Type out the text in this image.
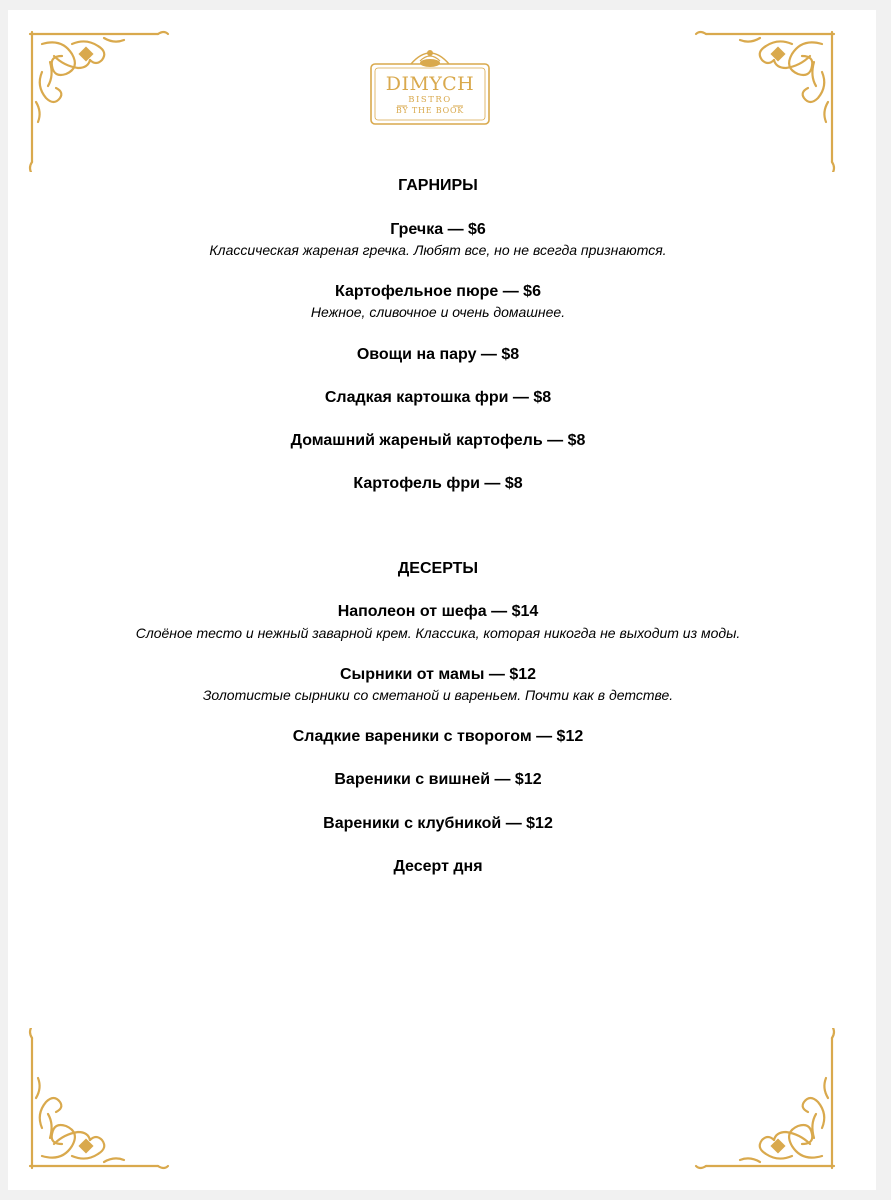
DIMYCH
BISTRO
BY THE BOOK
ГАРНИРЫ
Гречка — $6
Классическая жареная гречка. Любят все, но не всегда признаются.
Картофельное пюре — $6
Нежное, сливочное и очень домашнее.
Овощи на пару — $8
Сладкая картошка фри — $8
Домашний жареный картофель — $8
Картофель фри — $8
ДЕСЕРТЫ
Наполеон от шефа — $14
Слоёное тесто и нежный заварной крем. Классика, которая никогда не выходит из моды.
Сырники от мамы — $12
Золотистые сырники со сметаной и вареньем. Почти как в детстве.
Сладкие вареники с творогом — $12
Вареники с вишней — $12
Вареники с клубникой — $12
Десерт дня
